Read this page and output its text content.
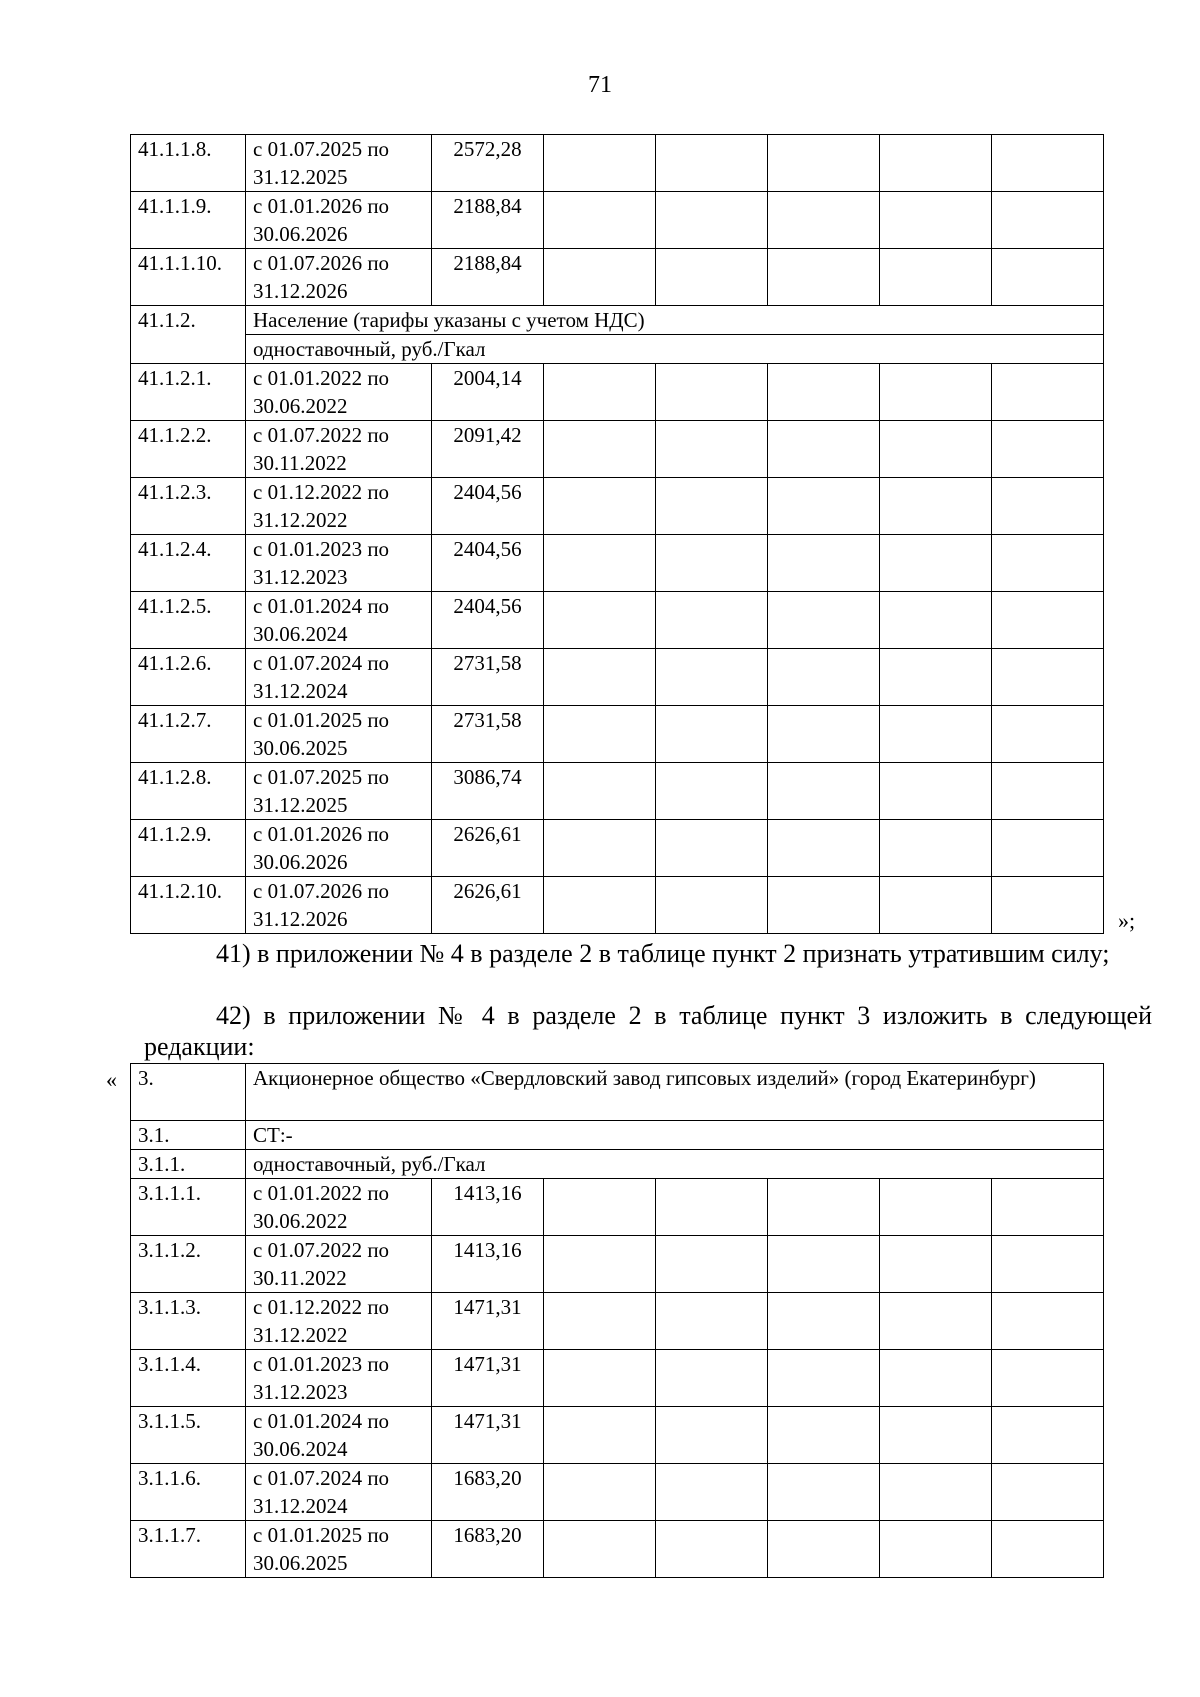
71
41.1.1.8.	с 01.07.2025 по 31.12.2025	2572,28					
41.1.1.9.	с 01.01.2026 по 30.06.2026	2188,84					
41.1.1.10.	с 01.07.2026 по 31.12.2026	2188,84					
41.1.2.	Население (тарифы указаны с учетом НДС)						
	одноставочный, руб./Гкал						
41.1.2.1.	с 01.01.2022 по 30.06.2022	2004,14					
41.1.2.2.	с 01.07.2022 по 30.11.2022	2091,42					
41.1.2.3.	с 01.12.2022 по 31.12.2022	2404,56					
41.1.2.4.	с 01.01.2023 по 31.12.2023	2404,56					
41.1.2.5.	с 01.01.2024 по 30.06.2024	2404,56					
41.1.2.6.	с 01.07.2024 по 31.12.2024	2731,58					
41.1.2.7.	с 01.01.2025 по 30.06.2025	2731,58					
41.1.2.8.	с 01.07.2025 по 31.12.2025	3086,74					
41.1.2.9.	с 01.01.2026 по 30.06.2026	2626,61					
41.1.2.10.	с 01.07.2026 по 31.12.2026	2626,61					
»;
41) в приложении № 4 в разделе 2 в таблице пункт 2 признать утратившим силу;
42) в приложении № 4 в разделе 2 в таблице пункт 3 изложить в следующей редакции:
« 3.	Акционерное общество «Свердловский завод гипсовых изделий» (город Екатеринбург)						
3.1.	СТ:-						
3.1.1.	одноставочный, руб./Гкал						
3.1.1.1.	с 01.01.2022 по 30.06.2022	1413,16					
3.1.1.2.	с 01.07.2022 по 30.11.2022	1413,16					
3.1.1.3.	с 01.12.2022 по 31.12.2022	1471,31					
3.1.1.4.	с 01.01.2023 по 31.12.2023	1471,31					
3.1.1.5.	с 01.01.2024 по 30.06.2024	1471,31					
3.1.1.6.	с 01.07.2024 по 31.12.2024	1683,20					
3.1.1.7.	с 01.01.2025 по 30.06.2025	1683,20					
